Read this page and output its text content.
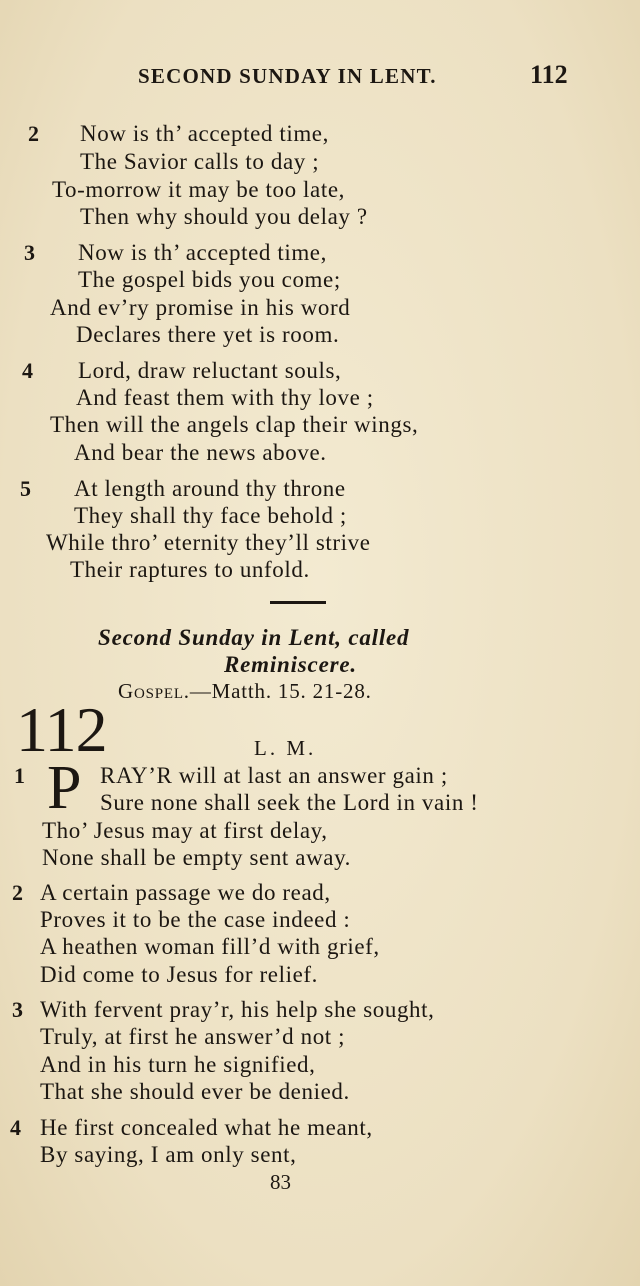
SECOND SUNDAY IN LENT.	112
2 Now is th’ accepted time,
The Savior calls to day ;
To-morrow it may be too late,
Then why should you delay ?
3 Now is th’ accepted time,
The gospel bids you come;
And ev’ry promise in his word
Declares there yet is room.
4 Lord, draw reluctant souls,
And feast them with thy love ;
Then will the angels clap their wings,
And bear the news above.
5 At length around thy throne
They shall thy face behold ;
While thro’ eternity they’ll strive
Their raptures to unfold.
Second Sunday in Lent, called
Reminiscere.
Gospel.—Matth. 15. 21-28.
112	L. M.
1 P RAY’R will at last an answer gain ;
Sure none shall seek the Lord in vain !
Tho’ Jesus may at first delay,
None shall be empty sent away.
2 A certain passage we do read,
Proves it to be the case indeed :
A heathen woman fill’d with grief,
Did come to Jesus for relief.
3 With fervent pray’r, his help she sought,
Truly, at first he answer’d not ;
And in his turn he signified,
That she should ever be denied.
4 He first concealed what he meant,
By saying, I am only sent,
83
